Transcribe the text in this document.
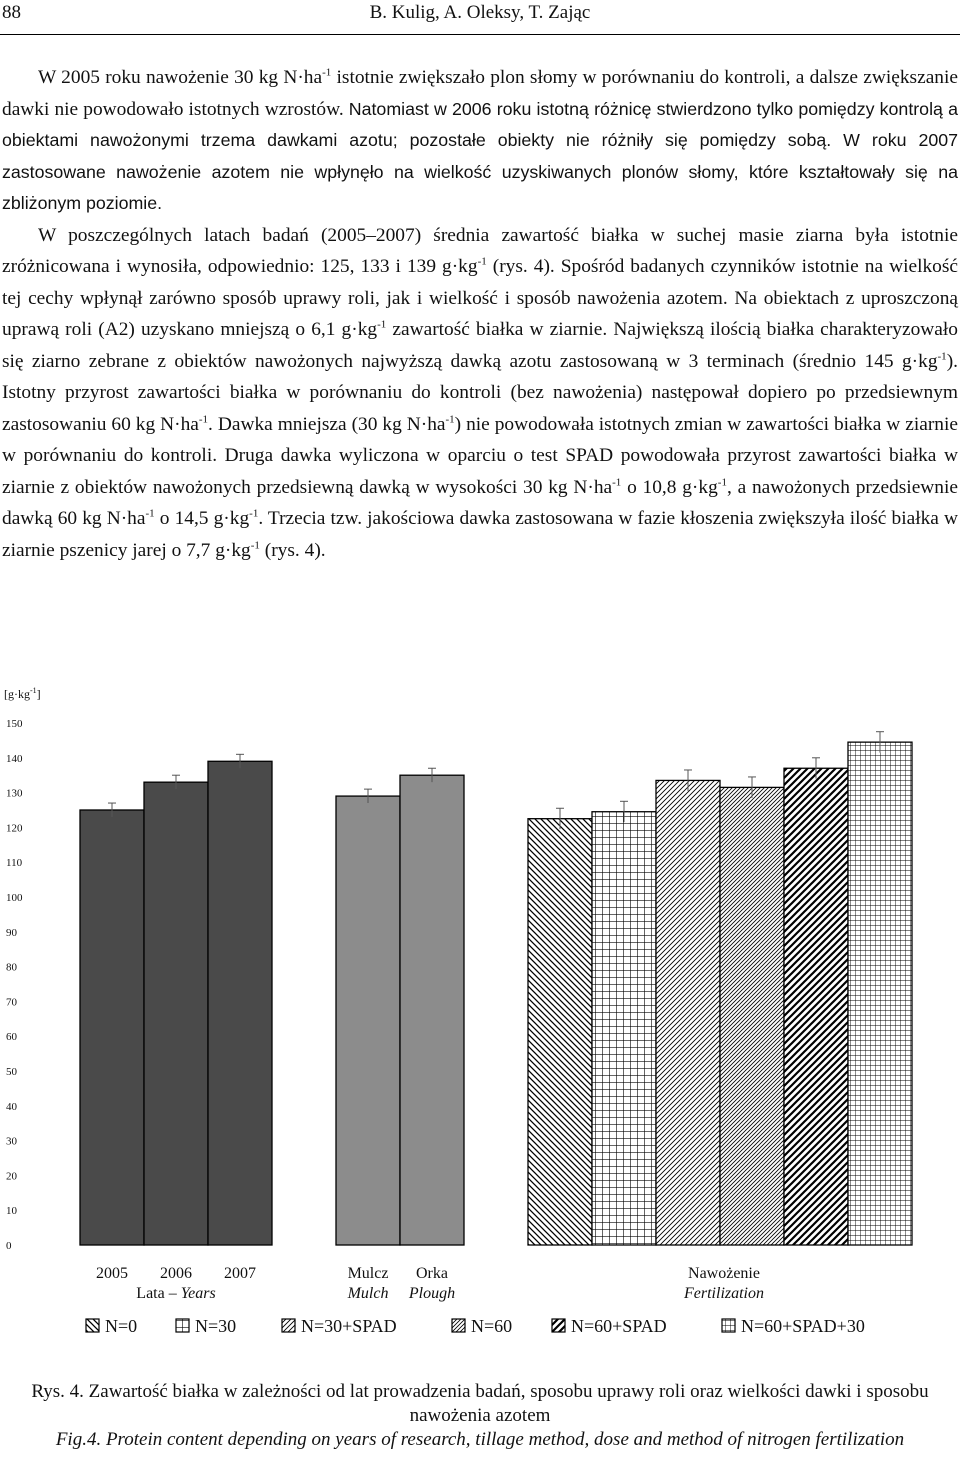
88	B. Kulig, A. Oleksy, T. Zając

W 2005 roku nawożenie 30 kg $N\cdot ha^{-1}$ istotnie zwiększało plon słomy w porównaniu do kontroli, a dalsze zwiększanie dawki nie powodowało istotnych wzrostów. Natomiast w 2006 roku istotną różnicę stwierdzono tylko pomiędzy kontrolą a obiektami nawożonymi trzema dawkami azotu; pozostałe obiekty nie różniły się pomiędzy sobą. W roku 2007 zastosowane nawożenie azotem nie wpłynęło na wielkość uzyskiwanych plonów słomy, które kształtowały się na zbliżonym poziomie.

W poszczególnych latach badań (2005–2007) średnia zawartość białka w suchej masie ziarna była istotnie zróżnicowana i wynosiła, odpowiednio: 125, 133 i 139 $g\cdot kg^{-1}$ (rys. 4). Spośród badanych czynników istotnie na wielkość tej cechy wpłynął zarówno sposób uprawy roli, jak i wielkość i sposób nawożenia azotem. Na obiektach z uproszczoną uprawą roli (A2) uzyskano mniejszą o 6,1 $g\cdot kg^{-1}$ zawartość białka w ziarnie. Największą ilością białka charakteryzowało się ziarno zebrane z obiektów nawożonych najwyższą dawką azotu zastosowaną w 3 terminach (średnio 145 $g\cdot kg^{-1}$). Istotny przyrost zawartości białka w porównaniu do kontroli (bez nawożenia) następował dopiero po przedsiewnym zastosowaniu 60 kg $N\cdot ha^{-1}$. Dawka mniejsza (30 kg $N\cdot ha^{-1}$) nie powodowała istotnych zmian w zawartości białka w ziarnie w porównaniu do kontroli. Druga dawka wyliczona w oparciu o test SPAD powodowała przyrost zawartości białka w ziarnie z obiektów nawożonych przedsiewną dawką w wysokości 30 kg $N\cdot ha^{-1}$ o 10,8 $g\cdot kg^{-1}$, a nawożonych przedsiewnie dawką 60 kg $N\cdot ha^{-1}$ o 14,5 $g\cdot kg^{-1}$. Trzecia tzw. jakościowa dawka zastosowana w fazie kłoszenia zwiększyła ilość białka w ziarnie pszenicy jarej o 7,7 $g\cdot kg^{-1}$ (rys. 4).

$[g\cdot kg^{-1}]$
0
10
20
30
40
50
60
70
80
90
100
110
120
130
140
150
2005 2006 2007
Lata – Years
Mulcz
Mulch
Orka
Plough
Nawożenie
Fertilization
N=0	N=30	N=30+SPAD	N=60	N=60+SPAD	N=60+SPAD+30
Rys. 4. Zawartość białka w zależności od lat prowadzenia badań, sposobu uprawy roli oraz wielkości dawki i sposobu nawożenia azotem
Fig.4. Protein content depending on years of research, tillage method, dose and method of nitrogen fertilization
